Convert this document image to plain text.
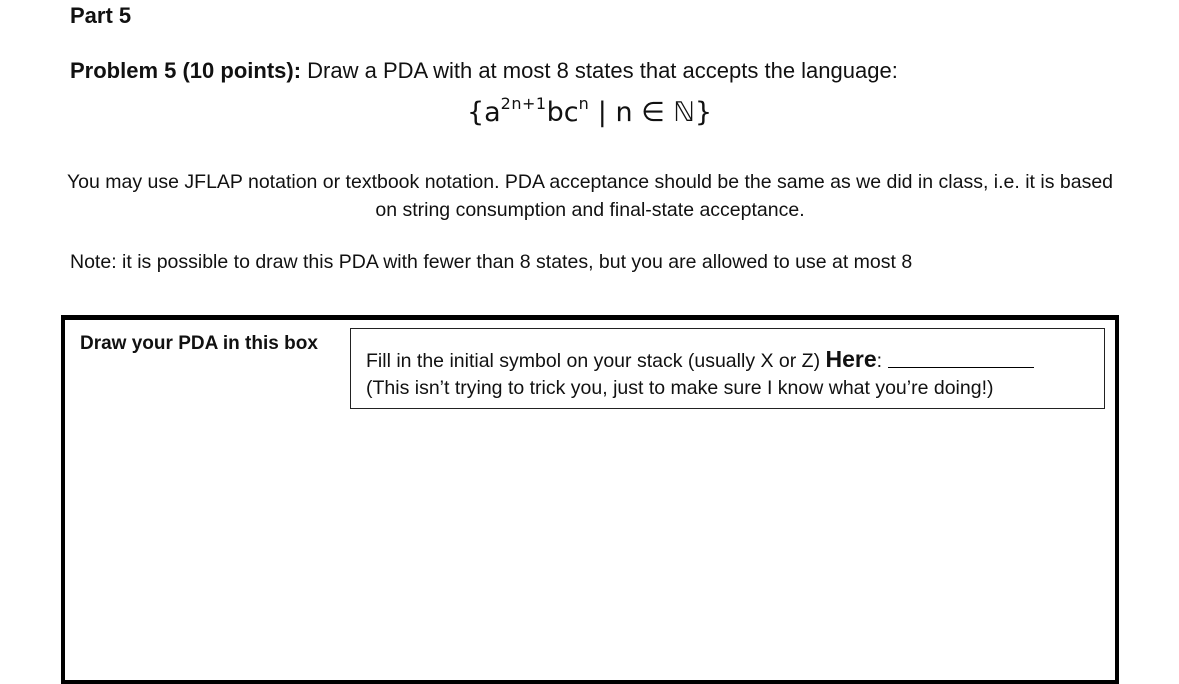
Part 5

Problem 5 (10 points): Draw a PDA with at most 8 states that accepts the language:

{$a^{2n+1}bc^n$ | n ∈ ℕ}

You may use JFLAP notation or textbook notation. PDA acceptance should be the same as we did in class, i.e. it is based on string consumption and final-state acceptance.

Note: it is possible to draw this PDA with fewer than 8 states, but you are allowed to use at most 8

Draw your PDA in this box
Fill in the initial symbol on your stack (usually X or Z) Here:
(This isn’t trying to trick you, just to make sure I know what you’re doing!)
